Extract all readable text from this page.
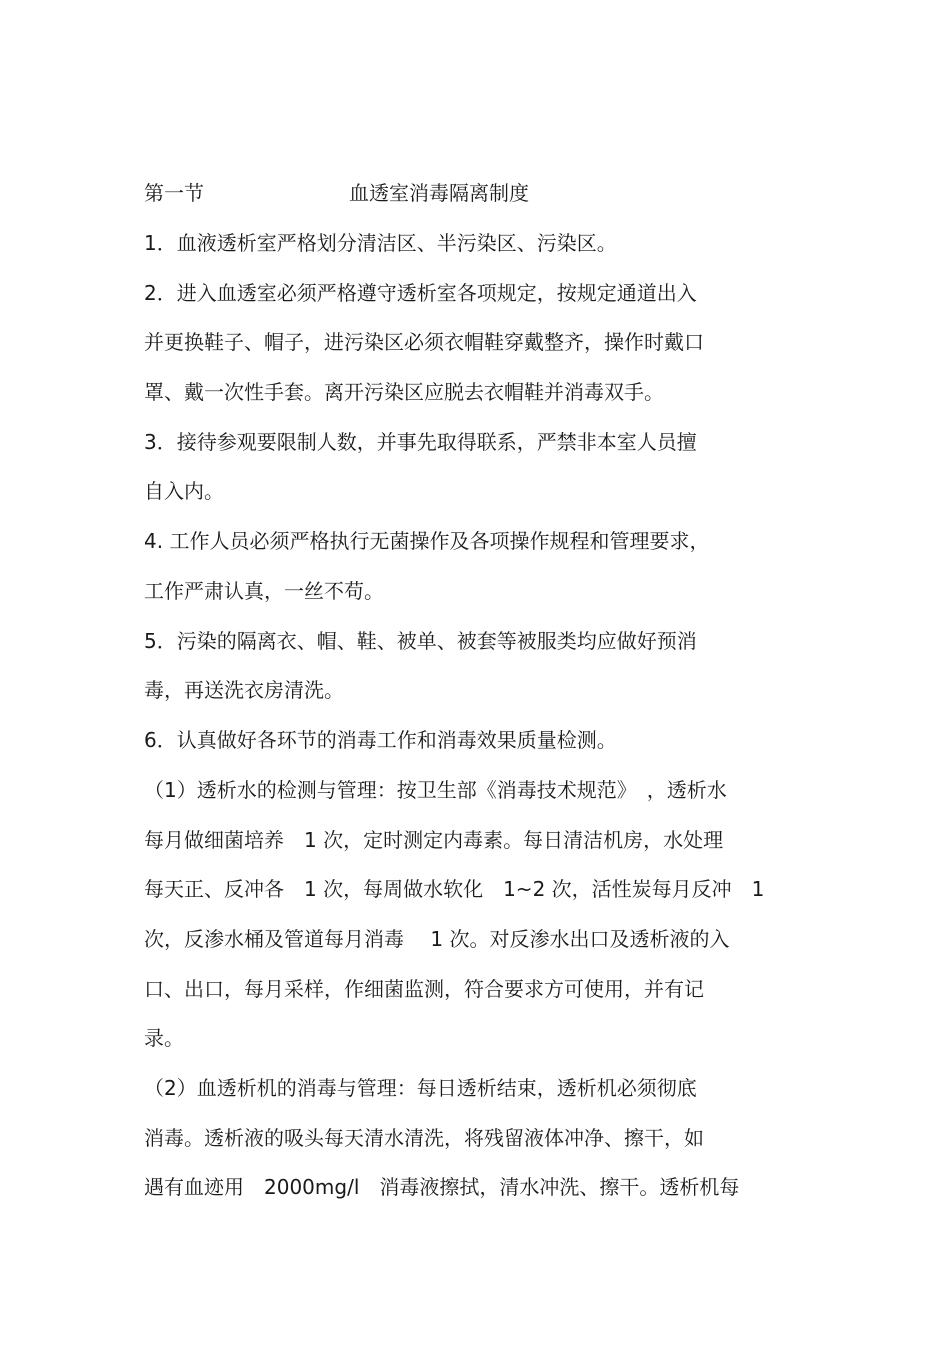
第一节	血透室消毒隔离制度
1．血液透析室严格划分清洁区、半污染区、污染区。
2．进入血透室必须严格遵守透析室各项规定，按规定通道出入
并更换鞋子、帽子，进污染区必须衣帽鞋穿戴整齐，操作时戴口
罩、戴一次性手套。离开污染区应脱去衣帽鞋并消毒双手。
3．接待参观要限制人数，并事先取得联系，严禁非本室人员擅
自入内。
4. 工作人员必须严格执行无菌操作及各项操作规程和管理要求，
工作严肃认真，一丝不苟。
5．污染的隔离衣、帽、鞋、被单、被套等被服类均应做好预消
毒，再送洗衣房清洗。
6．认真做好各环节的消毒工作和消毒效果质量检测。
（1）透析水的检测与管理：按卫生部《消毒技术规范》　，透析水
每月做细菌培养　1 次，定时测定内毒素。每日清洁机房，水处理
每天正、反冲各　1 次，每周做水软化　1~2 次，活性炭每月反冲　1
次，反渗水桶及管道每月消毒　 1 次。对反渗水出口及透析液的入
口、出口，每月采样，作细菌监测，符合要求方可使用，并有记
录。
（2）血透析机的消毒与管理：每日透析结束，透析机必须彻底
消毒。透析液的吸头每天清水清洗，将残留液体冲净、擦干，如
遇有血迹用　2000mg/l　消毒液擦拭，清水冲洗、擦干。透析机每
